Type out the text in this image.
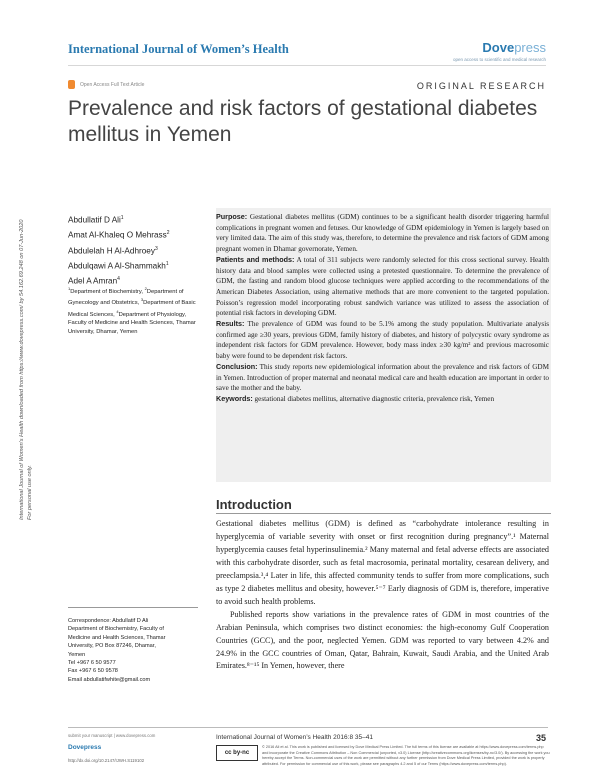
International Journal of Women’s Health	Dovepress
open access to scientific and medical research
Open Access Full Text Article	ORIGINAL RESEARCH
Prevalence and risk factors of gestational diabetes mellitus in Yemen
International Journal of Women's Health downloaded from https://www.dovepress.com/ by 54.162.69.248 on 07-Jun-2020 For personal use only.
Abdullatif D Ali$^1$
Amat Al-Khaleq O Mehrass$^2$
Abdulelah H Al-Adhroey$^3$
Abdulqawi A Al-Shammakh$^1$
Adel A Amran$^4$
$^1$Department of Biochemistry, $^2$Department of Gynecology and Obstetrics, $^3$Department of Basic Medical Sciences, $^4$Department of Physiology, Faculty of Medicine and Health Sciences, Thamar University, Dhamar, Yemen
Correspondence: Abdullatif D Ali
Department of Biochemistry, Faculty of
Medicine and Health Sciences, Thamar
University, PO Box 87246, Dhamar,
Yemen
Tel +967 6 50 9577
Fax +967 6 50 9578
Email abdullatifwhite@gmail.com
Purpose: Gestational diabetes mellitus (GDM) continues to be a significant health disorder triggering harmful complications in pregnant women and fetuses. Our knowledge of GDM epidemiology in Yemen is largely based on very limited data. The aim of this study was, therefore, to determine the prevalence and risk factors of GDM among pregnant women in Dhamar governorate, Yemen.
Patients and methods: A total of 311 subjects were randomly selected for this cross sectional survey. Health history data and blood samples were collected using a pretested questionnaire. To determine the prevalence of GDM, the fasting and random blood glucose techniques were applied according to the recommendations of the American Diabetes Association, using alternative methods that are more convenient to the targeted population. Poisson’s regression model incorporating robust sandwich variance was utilized to assess the association of potential risk factors in developing GDM.
Results: The prevalence of GDM was found to be 5.1% among the study population. Multivariate analysis confirmed age ≥30 years, previous GDM, family history of diabetes, and history of polycystic ovary syndrome as independent risk factors for GDM prevalence. However, body mass index ≥30 kg/m² and previous macrosomic baby were found to be dependent risk factors.
Conclusion: This study reports new epidemiological information about the prevalence and risk factors of GDM in Yemen. Introduction of proper maternal and neonatal medical care and health education are important in order to save the mother and the baby.
Keywords: gestational diabetes mellitus, alternative diagnostic criteria, prevalence risk, Yemen
Introduction

Gestational diabetes mellitus (GDM) is defined as “carbohydrate intolerance resulting in hyperglycemia of variable severity with onset or first recognition during pregnancy”.¹ Maternal hyperglycemia causes fetal hyperinsulinemia.² Many maternal and fetal adverse effects are associated with this carbohydrate disorder, such as fetal macrosomia, perinatal mortality, cesarean delivery, and preeclampsia.³,⁴ Later in life, this affected community tends to suffer from more complications, such as type 2 diabetes mellitus and obesity, however.⁵⁻⁷ Early diagnosis of GDM is, therefore, imperative to avoid such health problems.

Published reports show variations in the prevalence rates of GDM in most countries of the Arabian Peninsula, which comprises two distinct economies: the high-economy Gulf Cooperation Countries (GCC), and the poor, neglected Yemen. GDM was reported to vary between 4.2% and 24.9% in the GCC countries of Oman, Qatar, Bahrain, Kuwait, Saudi Arabia, and the United Arab Emirates.⁸⁻¹⁵ In Yemen, however, there

submit your manuscript | www.dovepress.com
Dovepress
http://dx.doi.org/10.2147/IJWH.S119102
International Journal of Women’s Health 2016:8 35–41	35
cc by-nc
© 2016 Ali et al. This work is published and licensed by Dove Medical Press Limited. The full terms of this license are available at https://www.dovepress.com/terms.php and incorporate the Creative Commons Attribution – Non Commercial (unported, v3.0) License (http://creativecommons.org/licenses/by-nc/3.0/). By accessing the work you hereby accept the Terms. Non-commercial uses of the work are permitted without any further permission from Dove Medical Press Limited, provided the work is properly attributed. For permission for commercial use of this work, please see paragraphs 4.2 and 5 of our Terms (https://www.dovepress.com/terms.php).
